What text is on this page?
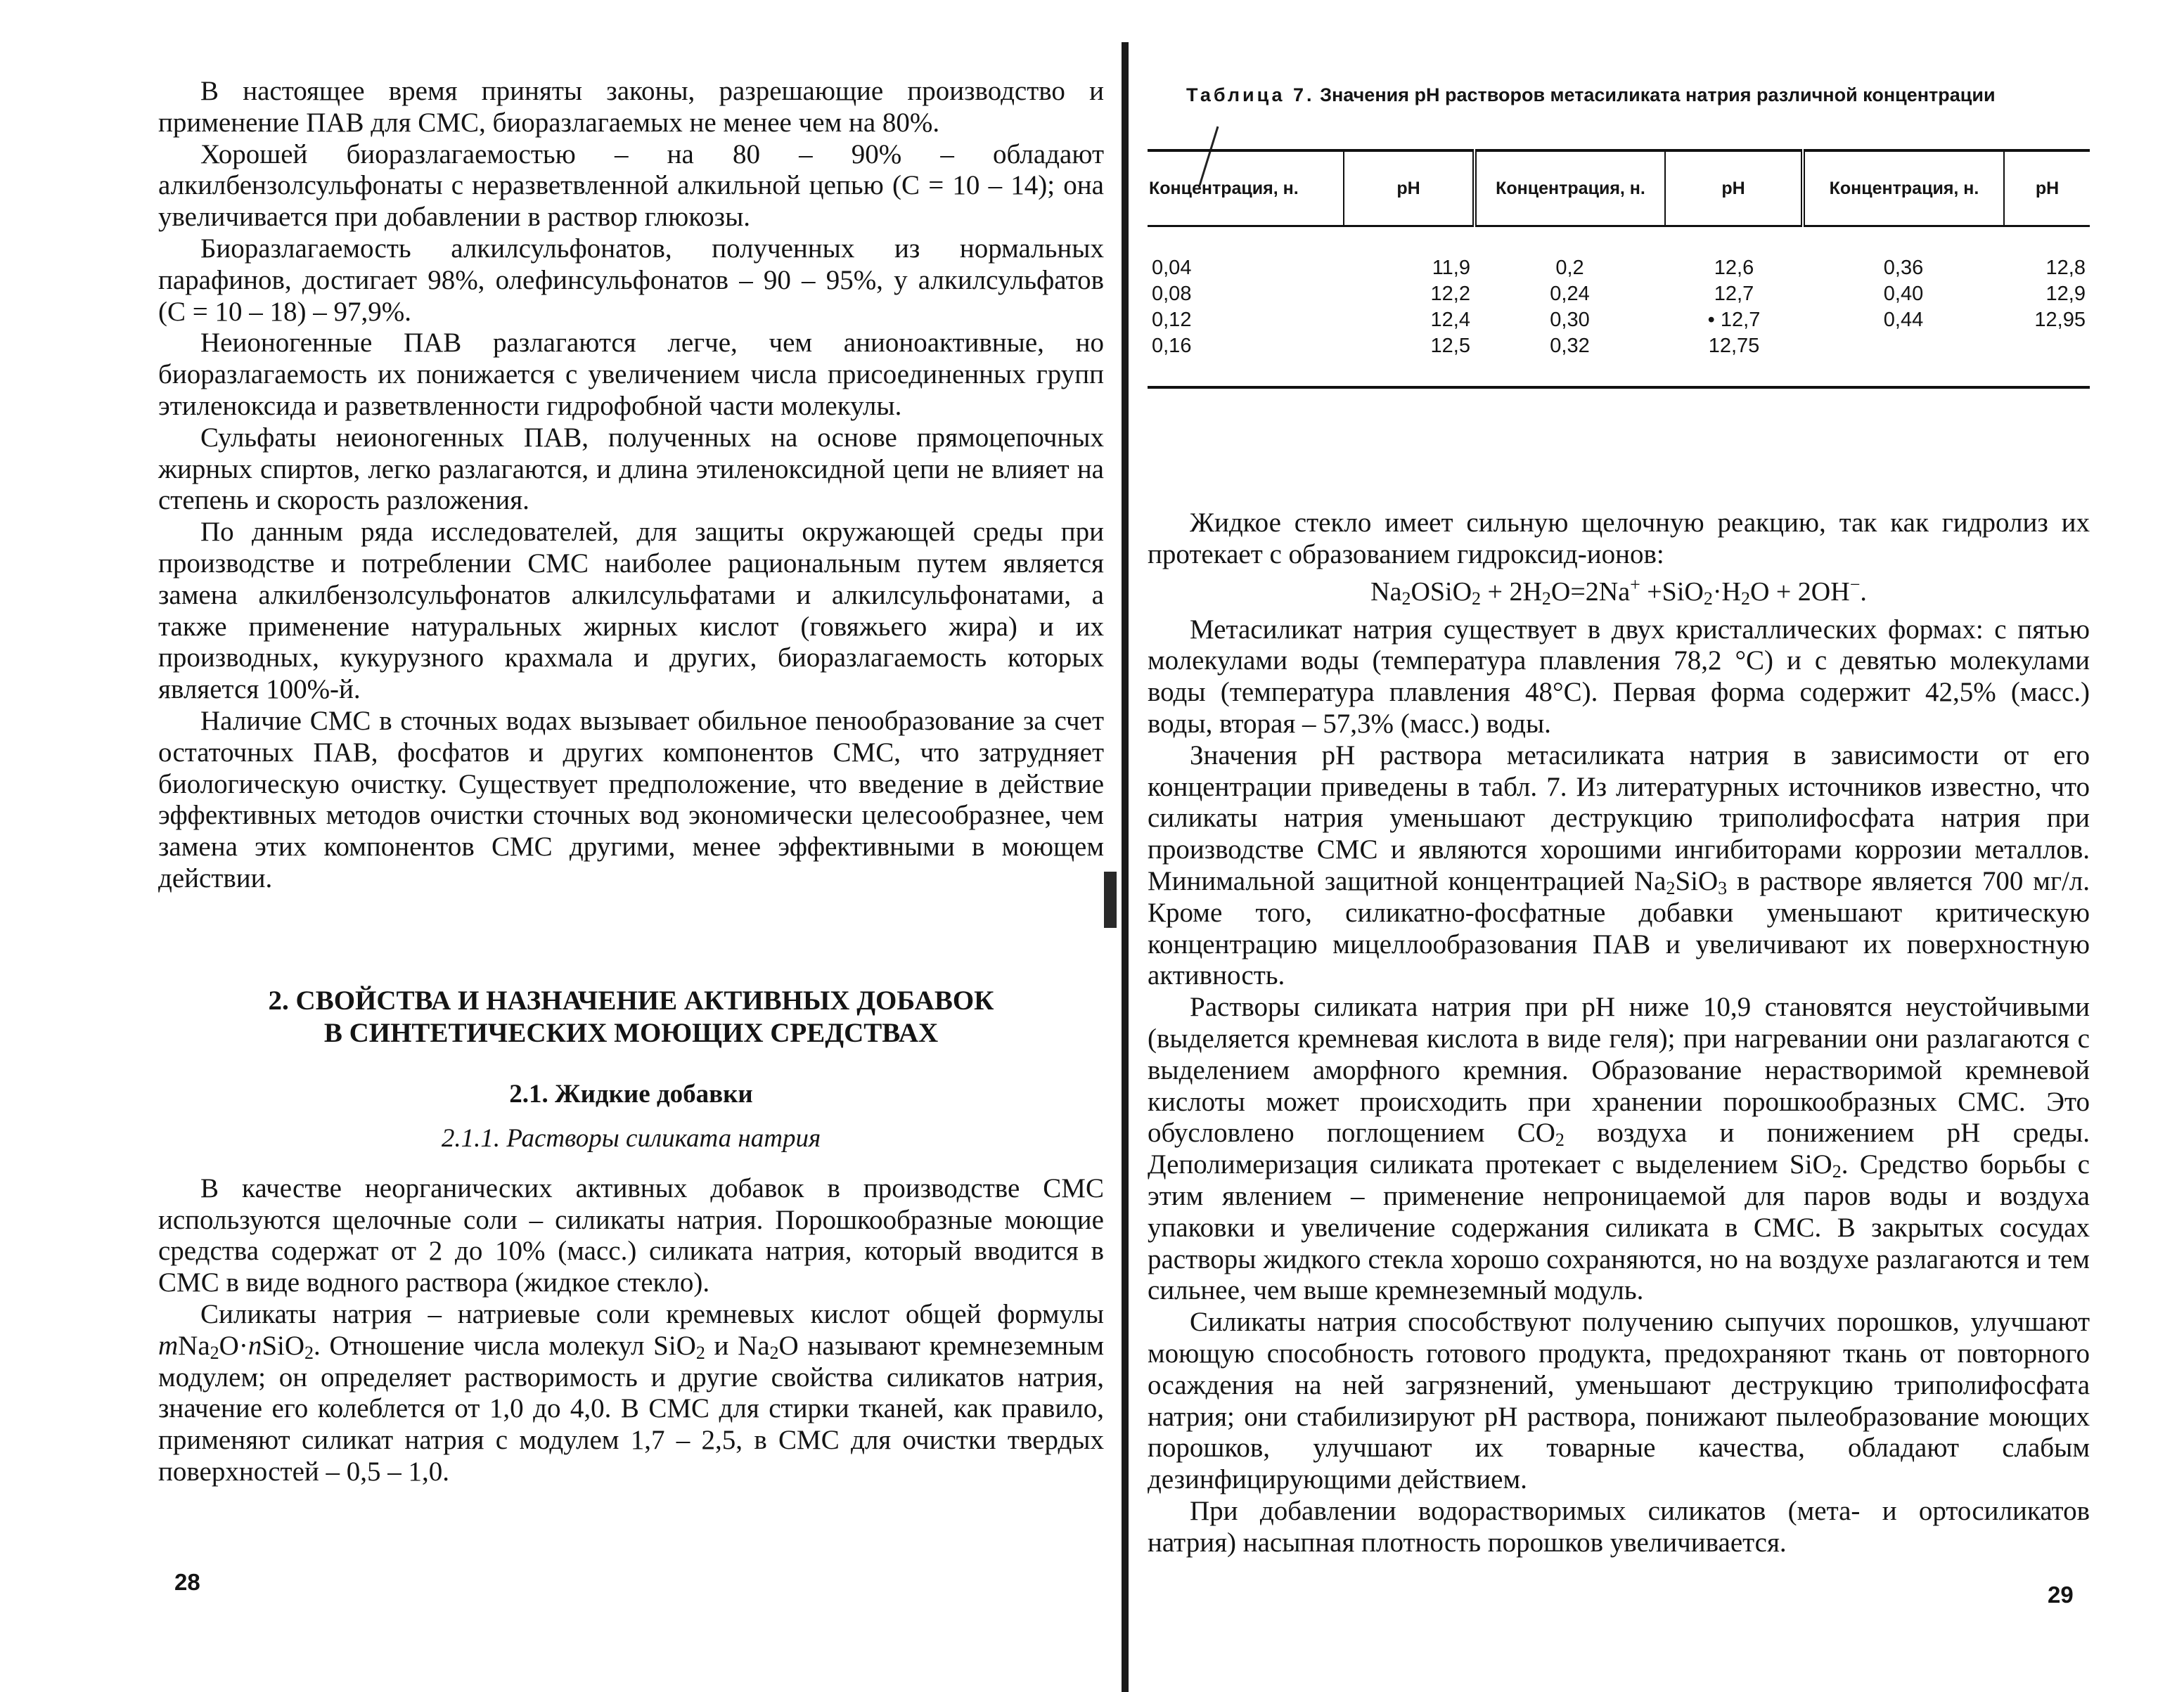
В настоящее время приняты законы, разрешающие производство и применение ПАВ для СМС, биоразлагаемых не менее чем на 80%.

Хорошей биоразлагаемостью – на 80 – 90% – обладают алкилбензолсульфонаты с неразветвленной алкильной цепью (C = 10 – 14); она увеличивается при добавлении в раствор глюкозы.

Биоразлагаемость алкилсульфонатов, полученных из нормальных парафинов, достигает 98%, олефинсульфонатов – 90 – 95%, у алкилсульфатов (С = 10 – 18) – 97,9%.

Неионогенные ПАВ разлагаются легче, чем анионоактивные, но биоразлагаемость их понижается с увеличением числа присоединенных групп этиленоксида и разветвленности гидрофобной части молекулы.

Сульфаты неионогенных ПАВ, полученных на основе прямоцепочных жирных спиртов, легко разлагаются, и длина этиленоксидной цепи не влияет на степень и скорость разложения.

По данным ряда исследователей, для защиты окружающей среды при производстве и потреблении СМС наиболее рациональным путем является замена алкилбензолсульфонатов алкилсульфатами и алкилсульфонатами, а также применение натуральных жирных кислот (говяжьего жира) и их производных, кукурузного крахмала и других, биоразлагаемость которых является 100%-й.

Наличие СМС в сточных водах вызывает обильное пенообразование за счет остаточных ПАВ, фосфатов и других компонентов СМС, что затрудняет биологическую очистку. Существует предположение, что введение в действие эффективных методов очистки сточных вод экономически целесообразнее, чем замена этих компонентов СМС другими, менее эффективными в моющем действии.

2. СВОЙСТВА И НАЗНАЧЕНИЕ АКТИВНЫХ ДОБАВОК
В СИНТЕТИЧЕСКИХ МОЮЩИХ СРЕДСТВАХ
2.1. Жидкие добавки
2.1.1. Растворы силиката натрия

В качестве неорганических активных добавок в производстве СМС используются щелочные соли – силикаты натрия. Порошкообразные моющие средства содержат от 2 до 10% (масс.) силиката натрия, который вводится в СМС в виде водного раствора (жидкое стекло).

Силикаты натрия – натриевые соли кремневых кислот общей формулы mNa$_2$O·nSiO$_2$. Отношение числа молекул SiO$_2$ и $Na_2O$ называют кремнеземным модулем; он определяет растворимость и другие свойства силикатов натрия, значение его колеблется от 1,0 до 4,0. В СМС для стирки тканей, как правило, применяют силикат натрия с модулем 1,7 – 2,5, в СМС для очистки твердых поверхностей – 0,5 – 1,0.

28
Таблица 7. Значения pH растворов метасиликата натрия различной концентрации
Концентрация, н.	pH	Концентрация, н.	pH	Концентрация, н.	pH
0,04	11,9	0,2	12,6	0,36	12,8
0,08	12,2	0,24	12,7	0,40	12,9
0,12	12,4	0,30	• 12,7	0,44	12,95
0,16	12,5	0,32	12,75		

Жидкое стекло имеет сильную щелочную реакцию, так как гидролиз их протекает с образованием гидроксид-ионов:

$Na_2OSiO_2 + 2H_2O=2Na^+ +SiO_2\cdot H_2O + 2OH^-$.

Метасиликат натрия существует в двух кристаллических формах: с пятью молекулами воды (температура плавления 78,2 °C) и с девятью молекулами воды (температура плавления 48°C). Первая форма содержит 42,5% (масс.) воды, вторая – 57,3% (масс.) воды.

Значения pH раствора метасиликата натрия в зависимости от его концентрации приведены в табл. 7. Из литературных источников известно, что силикаты натрия уменьшают деструкцию триполифосфата натрия при производстве СМС и являются хорошими ингибиторами коррозии металлов. Минимальной защитной концентрацией $Na_2SiO_3$ в растворе является 700 мг/л. Кроме того, силикатно-фосфатные добавки уменьшают критическую концентрацию мицеллообразования ПАВ и увеличивают их поверхностную активность.

Растворы силиката натрия при pH ниже 10,9 становятся неустойчивыми (выделяется кремневая кислота в виде геля); при нагревании они разлагаются с выделением аморфного кремния. Образование нерастворимой кремневой кислоты может происходить при хранении порошкообразных СМС. Это обусловлено поглощением $CO_2$ воздуха и понижением pH среды. Деполимеризация силиката протекает с выделением SiO$_2$. Средство борьбы с этим явлением – применение непроницаемой для паров воды и воздуха упаковки и увеличение содержания силиката в СМС. В закрытых сосудах растворы жидкого стекла хорошо сохраняются, но на воздухе разлагаются и тем сильнее, чем выше кремнеземный модуль.

Силикаты натрия способствуют получению сыпучих порошков, улучшают моющую способность готового продукта, предохраняют ткань от повторного осаждения на ней загрязнений, уменьшают деструкцию триполифосфата натрия; они стабилизируют pH раствора, понижают пылеобразование моющих порошков, улучшают их товарные качества, обладают слабым дезинфицирующими действием.

При добавлении водорастворимых силикатов (мета- и ортосиликатов натрия) насыпная плотность порошков увеличивается.

29
